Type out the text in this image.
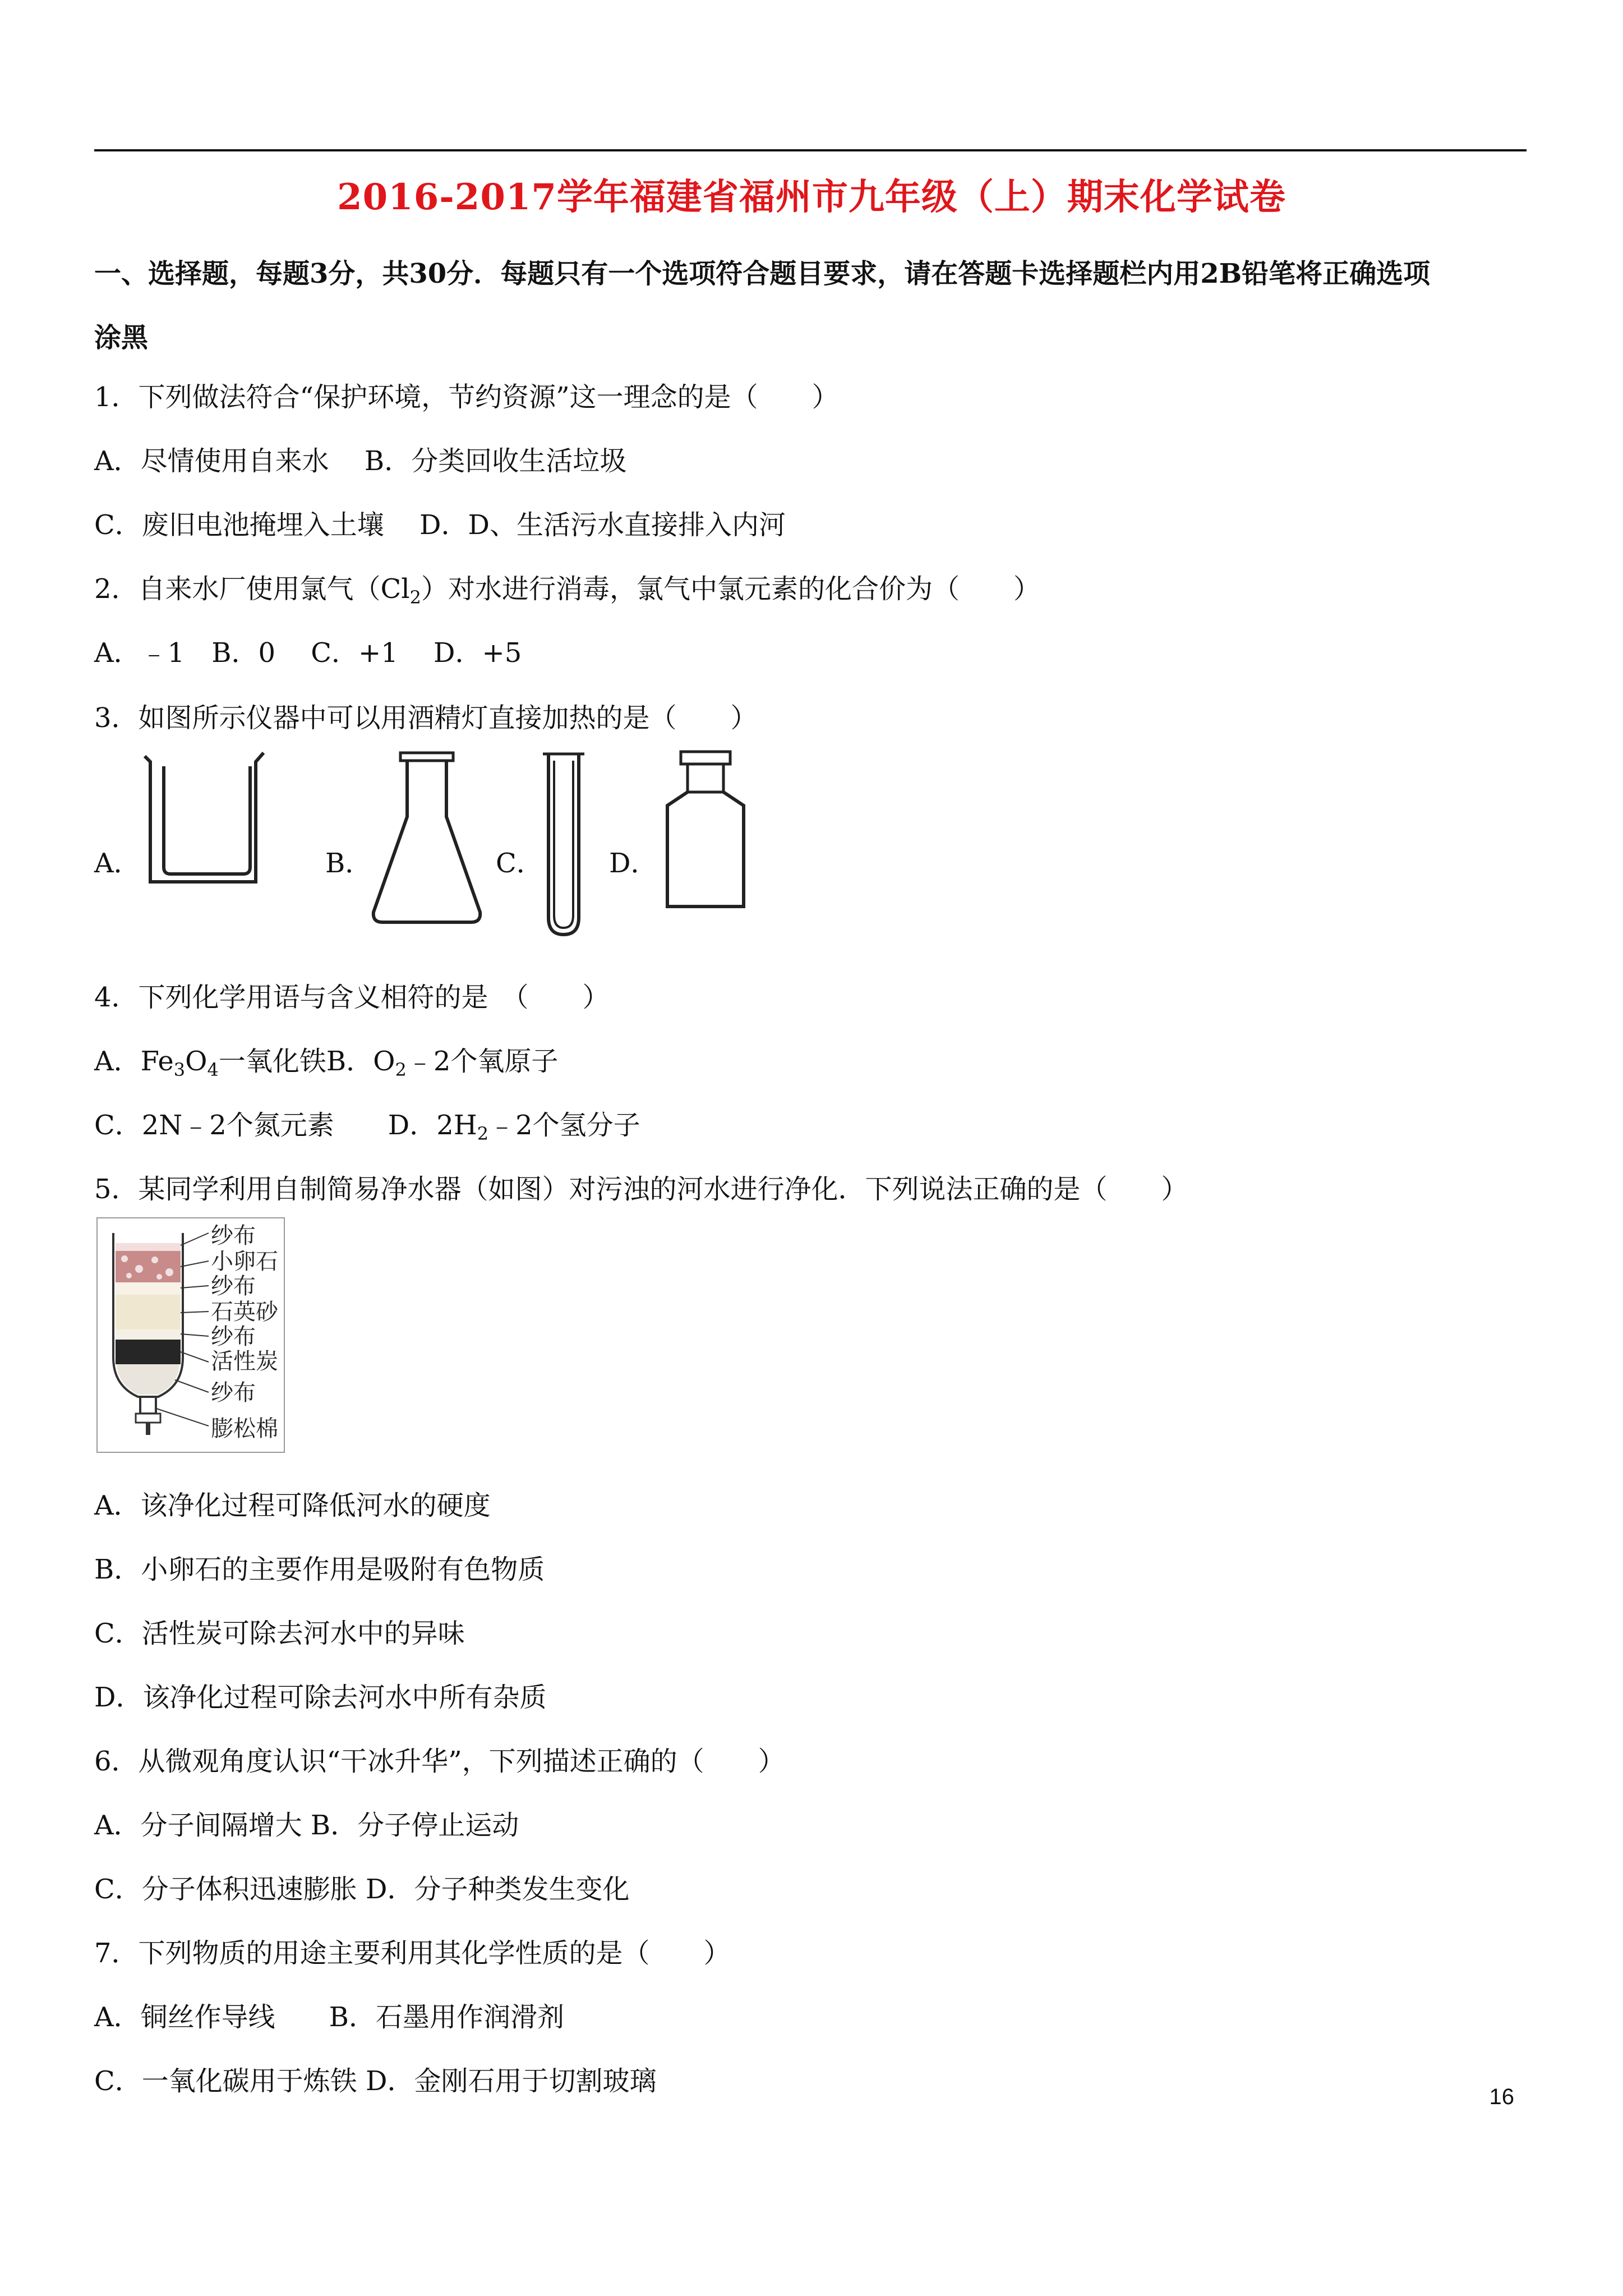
2016-2017学年福建省福州市九年级（上）期末化学试卷
一、选择题，每题3分，共30分．每题只有一个选项符合题目要求，请在答题卡选择题栏内用2B铅笔将正确选项
涂黑
1．下列做法符合“保护环境，节约资源”这一理念的是（　　）
A．尽情使用自来水　 B．分类回收生活垃圾
C．废旧电池掩埋入土壤　 D．D、生活污水直接排入内河
2．自来水厂使用氯气$(Cl_2)$对水进行消毒，氯气中氯元素的化合价为（　　）
A．﹣1　B．0　 C．+1　 D．+5
3．如图所示仪器中可以用酒精灯直接加热的是（　　）
A．	B．	C． D．
4．下列化学用语与含义相符的是　（　　）
A．$Fe_3O_4$一氧化铁B．$O_2﹣2$个氧原子
C．2N﹣2个氮元素　　D．$2H_2﹣2$个氢分子
5．某同学利用自制简易净水器（如图）对污浊的河水进行净化．下列说法正确的是（　　）
纱布
小卵石
纱布
石英砂
纱布
活性炭
纱布
膨松棉
A．该净化过程可降低河水的硬度
B．小卵石的主要作用是吸附有色物质
C．活性炭可除去河水中的异味
D．该净化过程可除去河水中所有杂质
6．从微观角度认识“干冰升华”，下列描述正确的（　　）
A．分子间隔增大 B．分子停止运动
C．分子体积迅速膨胀 D．分子种类发生变化
7．下列物质的用途主要利用其化学性质的是（　　）
A．铜丝作导线　　B．石墨用作润滑剂
C．一氧化碳用于炼铁 D．金刚石用于切割玻璃	16
